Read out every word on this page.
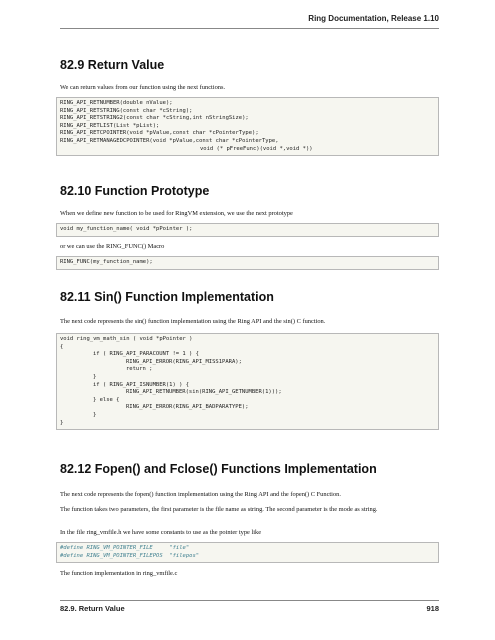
Ring Documentation, Release 1.10
82.9 Return Value
We can return values from our function using the next functions.
RING_API_RETNUMBER(double nValue);
RING_API_RETSTRING(const char *cString);
RING_API_RETSTRING2(const char *cString,int nStringSize);
RING_API_RETLIST(List *pList);
RING_API_RETCPOINTER(void *pValue,const char *cPointerType);
RING_API_RETMANAGEDCPOINTER(void *pValue,const char *cPointerType,
void (* pFreeFunc)(void *,void *))
82.10 Function Prototype
When we define new function to be used for RingVM extension, we use the next prototype
void my_function_name( void *pPointer );
or we can use the RING_FUNC() Macro
RING_FUNC(my_function_name);
82.11 Sin() Function Implementation
The next code represents the sin() function implementation using the Ring API and the sin() C function.
void ring_vm_math_sin ( void *pPointer )
{
if ( RING_API_PARACOUNT != 1 ) {
RING_API_ERROR(RING_API_MISS1PARA);
return ;
}
if ( RING_API_ISNUMBER(1) ) {
RING_API_RETNUMBER(sin(RING_API_GETNUMBER(1)));
} else {
RING_API_ERROR(RING_API_BADPARATYPE);
}
}
82.12 Fopen() and Fclose() Functions Implementation
The next code represents the fopen() function implementation using the Ring API and the fopen() C Function.
The function takes two parameters, the first parameter is the file name as string. The second parameter is the mode as string.
In the file ring_vmfile.h we have some constants to use as the pointer type like
#define RING_VM_POINTER_FILE     "file"
#define RING_VM_POINTER_FILEPOS  "filepos"
The function implementation in ring_vmfile.c
82.9. Return Value	918
